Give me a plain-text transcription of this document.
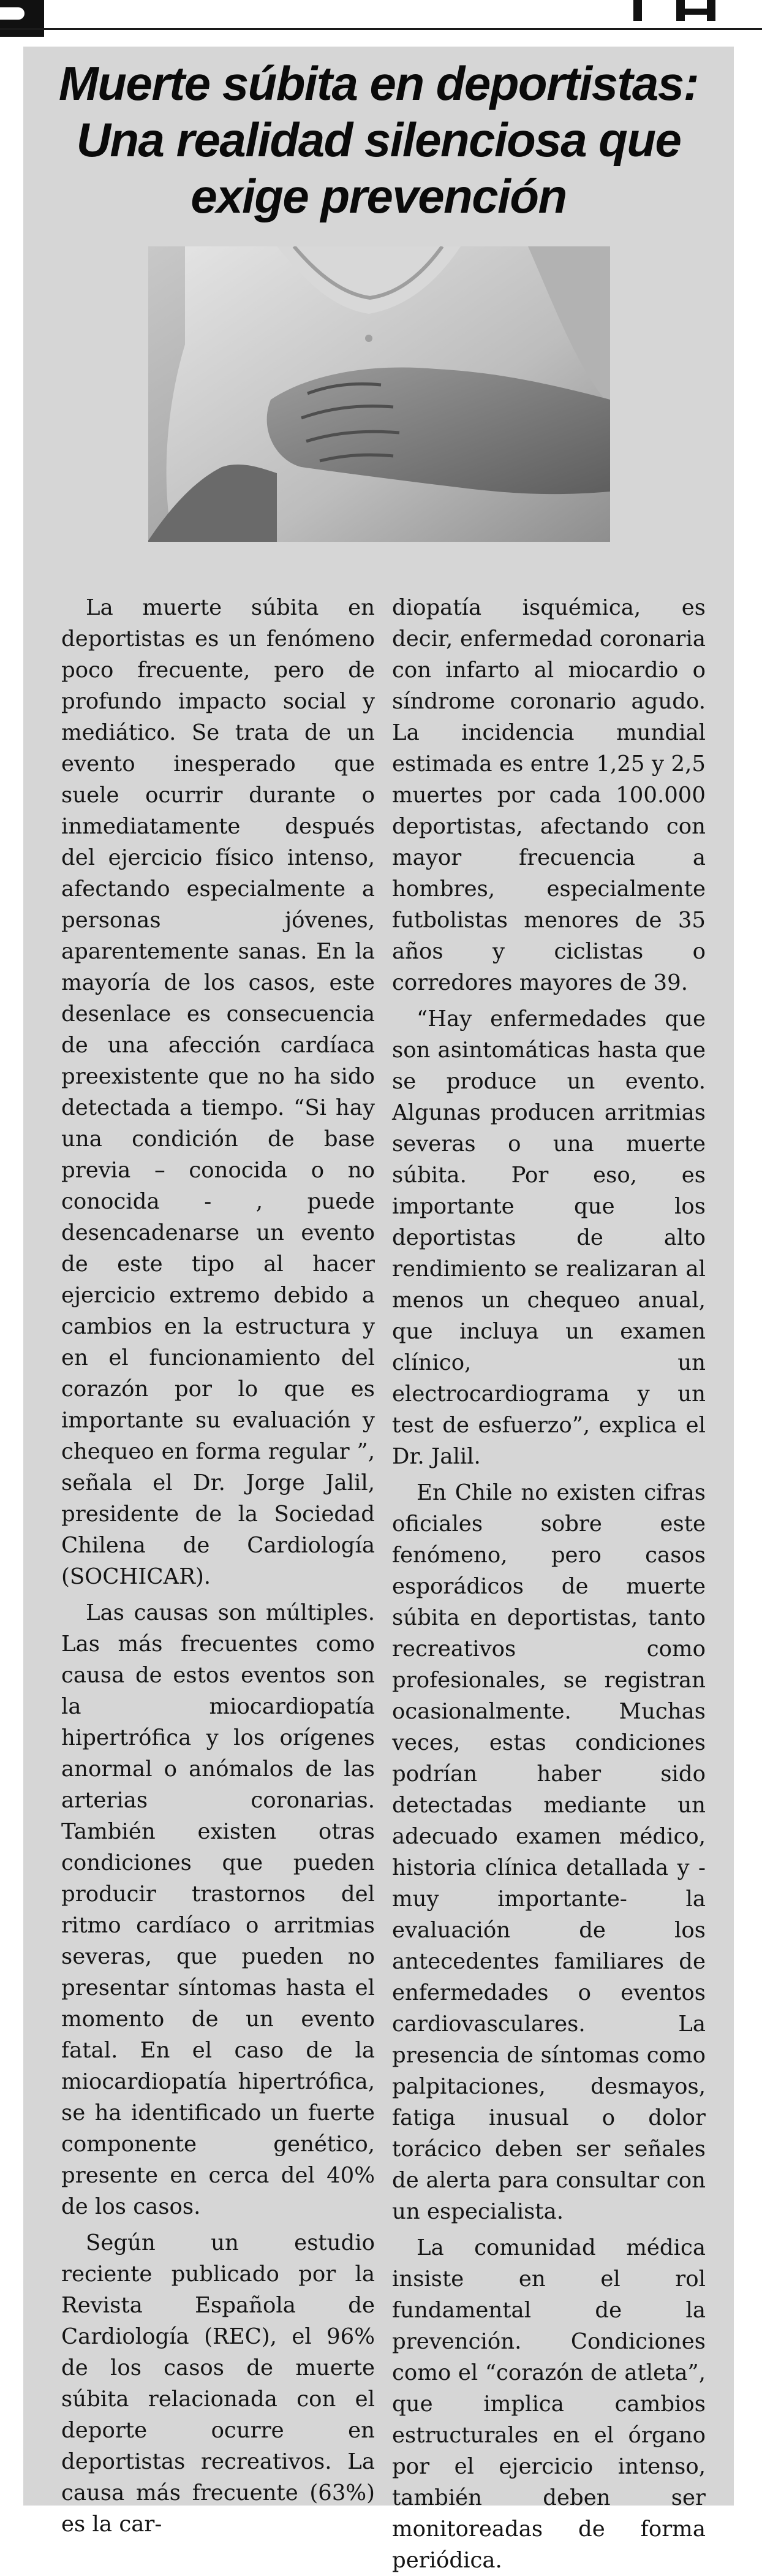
Muerte súbita en deportistas:
Una realidad silenciosa que
exige prevención

La muerte súbita en deportistas es un fenómeno poco frecuente, pero de profundo impacto social y mediático. Se trata de un evento inesperado que suele ocurrir durante o inmediatamente después del ejercicio físico intenso, afectando especialmente a personas jóvenes, aparentemente sanas. En la mayoría de los casos, este desenlace es consecuencia de una afección cardíaca preexistente que no ha sido detectada a tiempo. “Si hay una condición de base previa – conocida o no conocida - , puede desencadenarse un evento de este tipo al hacer ejercicio extremo debido a cambios en la estructura y en el funcionamiento del corazón por lo que es importante su evaluación y chequeo en forma regular ”, señala el Dr. Jorge Jalil, presidente de la Sociedad Chilena de Cardiología (SOCHICAR).

Las causas son múltiples. Las más frecuentes como causa de estos eventos son la miocardiopatía hipertrófica y los orígenes anormal o anómalos de las arterias coronarias. También existen otras condiciones que pueden producir trastornos del ritmo cardíaco o arritmias severas, que pueden no presentar síntomas hasta el momento de un evento fatal. En el caso de la miocardiopatía hipertrófica, se ha identificado un fuerte componente genético, presente en cerca del 40% de los casos.

Según un estudio reciente publicado por la Revista Española de Cardiología (REC), el 96% de los casos de muerte súbita relacionada con el deporte ocurre en deportistas recreativos. La causa más frecuente (63%) es la car-

diopatía isquémica, es decir, enfermedad coronaria con infarto al miocardio o síndrome coronario agudo. La incidencia mundial estimada es entre 1,25 y 2,5 muertes por cada 100.000 deportistas, afectando con mayor frecuencia a hombres, especialmente futbolistas menores de 35 años y ciclistas o corredores mayores de 39.

“Hay enfermedades que son asintomáticas hasta que se produce un evento. Algunas producen arritmias severas o una muerte súbita. Por eso, es importante que los deportistas de alto rendimiento se realizaran al menos un chequeo anual, que incluya un examen clínico, un electrocardiograma y un test de esfuerzo”, explica el Dr. Jalil.

En Chile no existen cifras oficiales sobre este fenómeno, pero casos esporádicos de muerte súbita en deportistas, tanto recreativos como profesionales, se registran ocasionalmente. Muchas veces, estas condiciones podrían haber sido detectadas mediante un adecuado examen médico, historia clínica detallada y -muy importante- la evaluación de los antecedentes familiares de enfermedades o eventos cardiovasculares. La presencia de síntomas como palpitaciones, desmayos, fatiga inusual o dolor torácico deben ser señales de alerta para consultar con un especialista.

La comunidad médica insiste en el rol fundamental de la prevención. Condiciones como el “corazón de atleta”, que implica cambios estructurales en el órgano por el ejercicio intenso, también deben ser monitoreadas de forma periódica.
